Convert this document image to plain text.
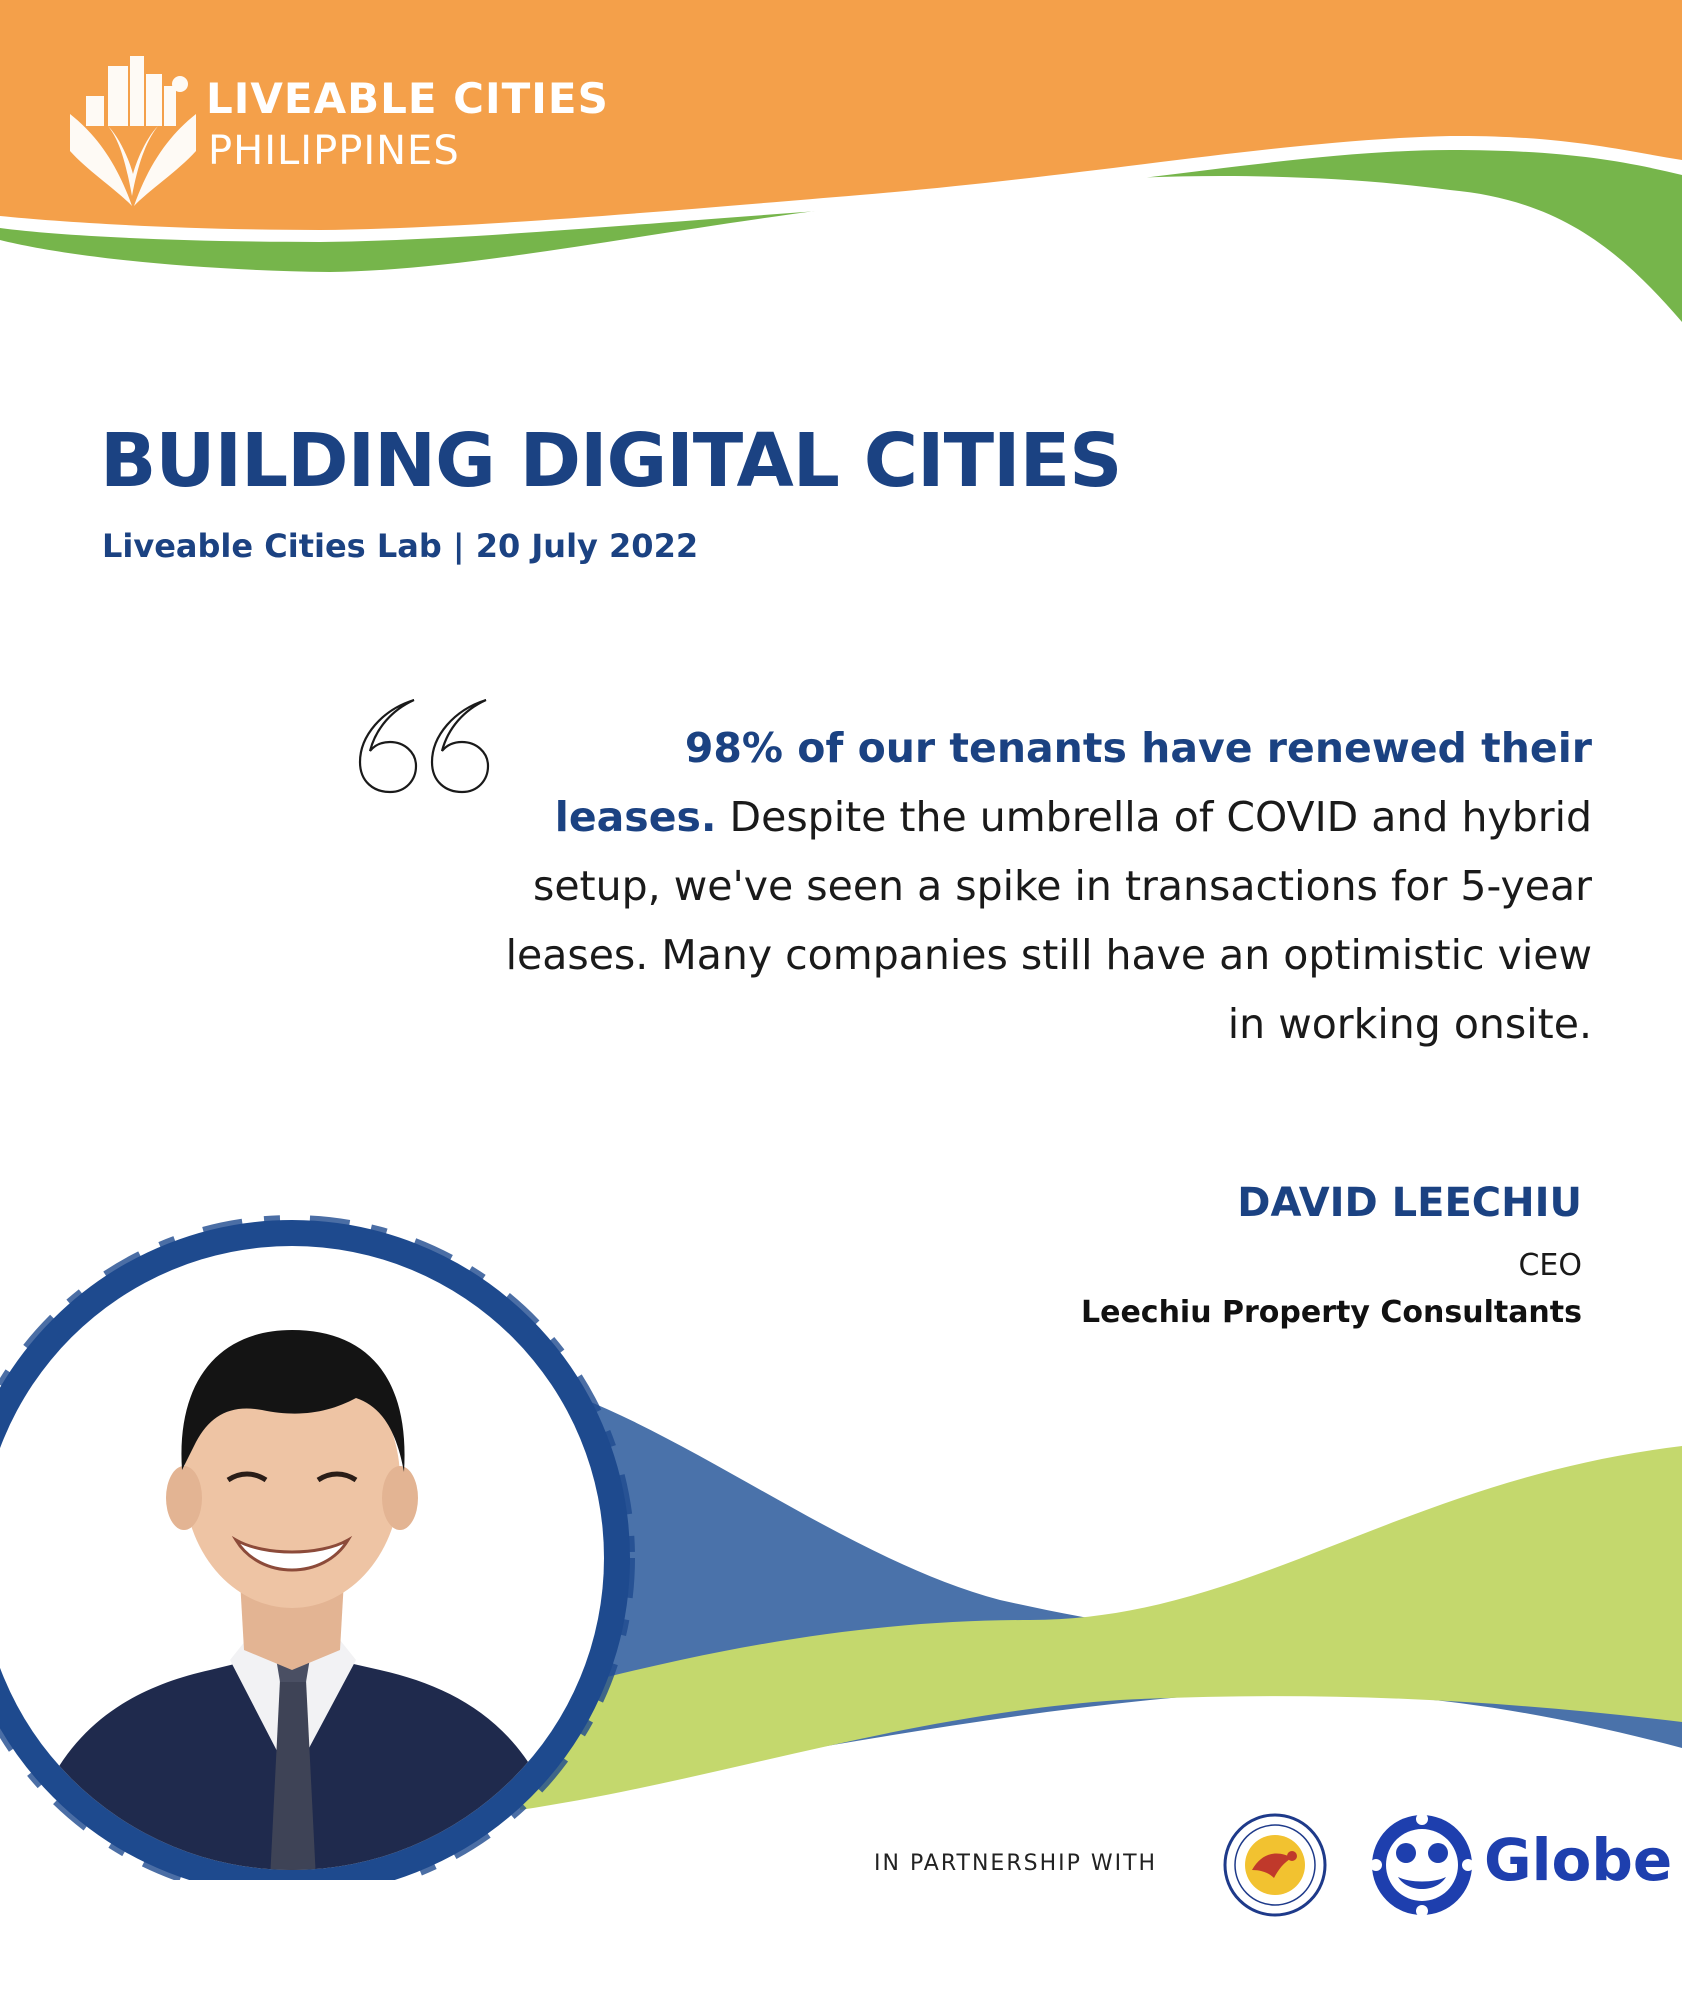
LIVEABLE CITIES
PHILIPPINES
BUILDING DIGITAL CITIES
Liveable Cities Lab | 20 July 2022
98% of our tenants have renewed their leases. Despite the umbrella of COVID and hybrid setup, we've seen a spike in transactions for 5-year leases. Many companies still have an optimistic view in working onsite.
DAVID LEECHIU
CEO
Leechiu Property Consultants
IN PARTNERSHIP WITH	Globe
